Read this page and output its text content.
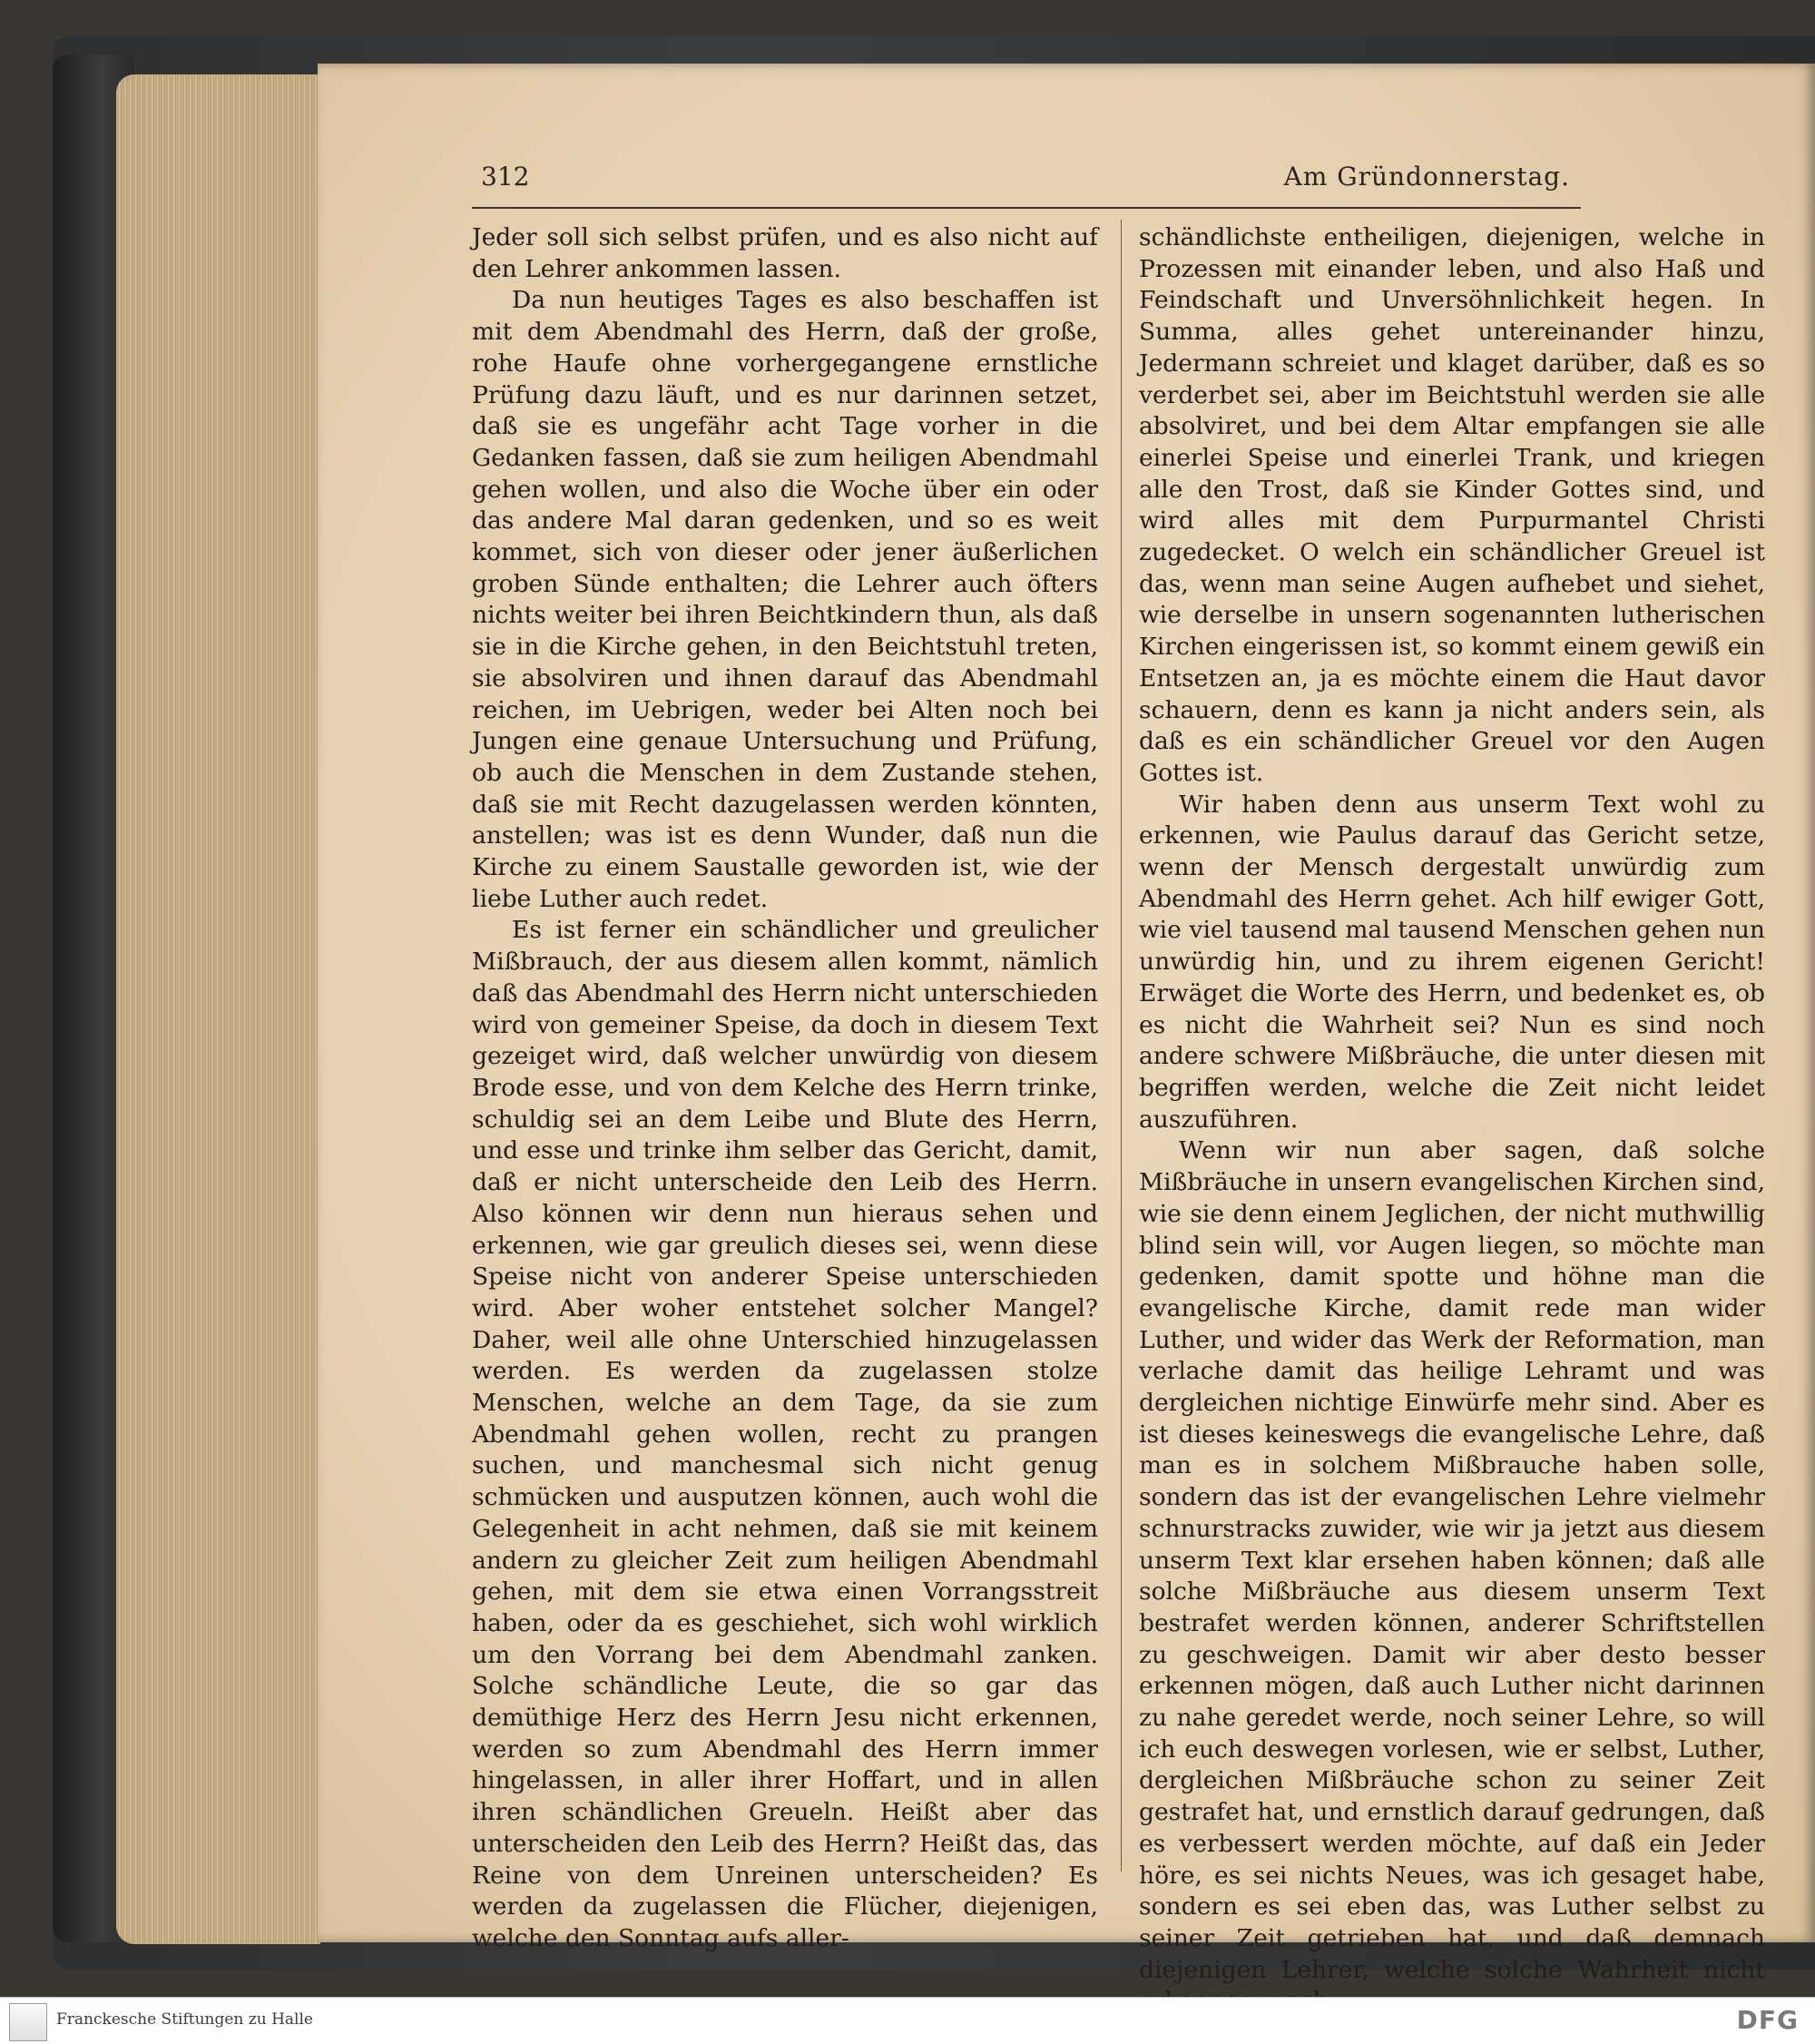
312	Am Gründonnerstag.

Jeder soll sich selbst prüfen, und es also nicht auf den Lehrer ankommen lassen.

Da nun heutiges Tages es also beschaffen ist mit dem Abendmahl des Herrn, daß der große, rohe Haufe ohne vorhergegangene ernstliche Prüfung dazu läuft, und es nur darinnen setzet, daß sie es ungefähr acht Tage vorher in die Gedanken fassen, daß sie zum heiligen Abendmahl gehen wollen, und also die Woche über ein oder das andere Mal daran gedenken, und so es weit kommet, sich von dieser oder jener äußerlichen groben Sünde enthalten; die Lehrer auch öfters nichts weiter bei ihren Beichtkindern thun, als daß sie in die Kirche gehen, in den Beichtstuhl treten, sie absolviren und ihnen darauf das Abendmahl reichen, im Uebrigen, weder bei Alten noch bei Jungen eine genaue Untersuchung und Prüfung, ob auch die Menschen in dem Zustande stehen, daß sie mit Recht dazugelassen werden könnten, anstellen; was ist es denn Wunder, daß nun die Kirche zu einem Saustalle geworden ist, wie der liebe Luther auch redet.

Es ist ferner ein schändlicher und greulicher Mißbrauch, der aus diesem allen kommt, nämlich daß das Abendmahl des Herrn nicht unterschieden wird von gemeiner Speise, da doch in diesem Text gezeiget wird, daß welcher unwürdig von diesem Brode esse, und von dem Kelche des Herrn trinke, schuldig sei an dem Leibe und Blute des Herrn, und esse und trinke ihm selber das Gericht, damit, daß er nicht unterscheide den Leib des Herrn. Also können wir denn nun hieraus sehen und erkennen, wie gar greulich dieses sei, wenn diese Speise nicht von anderer Speise unterschieden wird. Aber woher entstehet solcher Mangel? Daher, weil alle ohne Unterschied hinzugelassen werden. Es werden da zugelassen stolze Menschen, welche an dem Tage, da sie zum Abendmahl gehen wollen, recht zu prangen suchen, und manchesmal sich nicht genug schmücken und ausputzen können, auch wohl die Gelegenheit in acht nehmen, daß sie mit keinem andern zu gleicher Zeit zum heiligen Abendmahl gehen, mit dem sie etwa einen Vorrangsstreit haben, oder da es geschiehet, sich wohl wirklich um den Vorrang bei dem Abendmahl zanken. Solche schändliche Leute, die so gar das demüthige Herz des Herrn Jesu nicht erkennen, werden so zum Abendmahl des Herrn immer hingelassen, in aller ihrer Hoffart, und in allen ihren schändlichen Greueln. Heißt aber das unterscheiden den Leib des Herrn? Heißt das, das Reine von dem Unreinen unterscheiden? Es werden da zugelassen die Flücher, diejenigen, welche den Sonntag aufs aller-

schändlichste entheiligen, diejenigen, welche in Prozessen mit einander leben, und also Haß und Feindschaft und Unversöhnlichkeit hegen. In Summa, alles gehet untereinander hinzu, Jedermann schreiet und klaget darüber, daß es so verderbet sei, aber im Beichtstuhl werden sie alle absolviret, und bei dem Altar empfangen sie alle einerlei Speise und einerlei Trank, und kriegen alle den Trost, daß sie Kinder Gottes sind, und wird alles mit dem Purpurmantel Christi zugedecket. O welch ein schändlicher Greuel ist das, wenn man seine Augen aufhebet und siehet, wie derselbe in unsern sogenannten lutherischen Kirchen eingerissen ist, so kommt einem gewiß ein Entsetzen an, ja es möchte einem die Haut davor schauern, denn es kann ja nicht anders sein, als daß es ein schändlicher Greuel vor den Augen Gottes ist.

Wir haben denn aus unserm Text wohl zu erkennen, wie Paulus darauf das Gericht setze, wenn der Mensch dergestalt unwürdig zum Abendmahl des Herrn gehet. Ach hilf ewiger Gott, wie viel tausend mal tausend Menschen gehen nun unwürdig hin, und zu ihrem eigenen Gericht! Erwäget die Worte des Herrn, und bedenket es, ob es nicht die Wahrheit sei? Nun es sind noch andere schwere Mißbräuche, die unter diesen mit begriffen werden, welche die Zeit nicht leidet auszuführen.

Wenn wir nun aber sagen, daß solche Mißbräuche in unsern evangelischen Kirchen sind, wie sie denn einem Jeglichen, der nicht muthwillig blind sein will, vor Augen liegen, so möchte man gedenken, damit spotte und höhne man die evangelische Kirche, damit rede man wider Luther, und wider das Werk der Reformation, man verlache damit das heilige Lehramt und was dergleichen nichtige Einwürfe mehr sind. Aber es ist dieses keineswegs die evangelische Lehre, daß man es in solchem Mißbrauche haben solle, sondern das ist der evangelischen Lehre vielmehr schnurstracks zuwider, wie wir ja jetzt aus diesem unserm Text klar ersehen haben können; daß alle solche Mißbräuche aus diesem unserm Text bestrafet werden können, anderer Schriftstellen zu geschweigen. Damit wir aber desto besser erkennen mögen, daß auch Luther nicht darinnen zu nahe geredet werde, noch seiner Lehre, so will ich euch deswegen vorlesen, wie er selbst, Luther, dergleichen Mißbräuche schon zu seiner Zeit gestrafet hat, und ernstlich darauf gedrungen, daß es verbessert werden möchte, auf daß ein Jeder höre, es sei nichts Neues, was ich gesaget habe, sondern es sei eben das, was Luther selbst zu seiner Zeit getrieben hat, und daß demnach diejenigen Lehrer, welche solche Wahrheit nicht

Franckesche Stiftungen zu Halle	DFG
